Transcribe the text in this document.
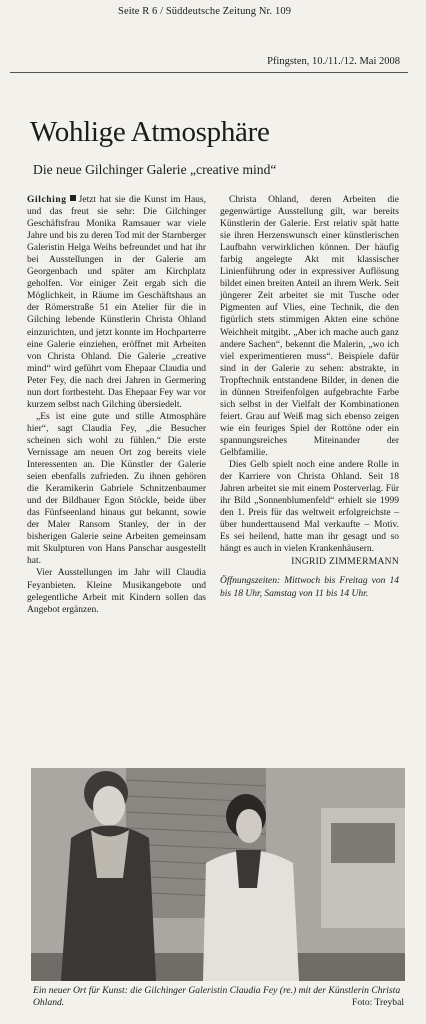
Seite R 6 / Süddeutsche Zeitung Nr. 109
Pfingsten, 10./11./12. Mai 2008
Wohlige Atmosphäre
Die neue Gilchinger Galerie „creative mind“

Gilching Jetzt hat sie die Kunst im Haus, und das freut sie sehr: Die Gilchinger Geschäftsfrau Monika Ramsauer war viele Jahre und bis zu deren Tod mit der Starnberger Galeristin Helga Weihs befreundet und hat ihr bei Ausstellungen in der Galerie am Georgenbach und später am Kirchplatz geholfen. Vor einiger Zeit ergab sich die Möglichkeit, in Räume im Geschäftshaus an der Römerstraße 51 ein Atelier für die in Gilching lebende Künstlerin Christa Ohland einzurichten, und jetzt konnte im Hochparterre eine Galerie einziehen, eröffnet mit Arbeiten von Christa Ohland. Die Galerie „creative mind“ wird geführt vom Ehepaar Claudia und Peter Fey, die nach drei Jahren in Germering nun dort fortbesteht. Das Ehepaar Fey war vor kurzem selbst nach Gilching übersiedelt.

„Es ist eine gute und stille Atmosphäre hier“, sagt Claudia Fey, „die Besucher scheinen sich wohl zu fühlen.“ Die erste Vernissage am neuen Ort zog bereits viele Interessenten an. Die Künstler der Galerie seien ebenfalls zufrieden. Zu ihnen gehören die Keramikerin Gabriele Schnitzenbaumer und der Bildhauer Egon Stöckle, beide über das Fünfseenland hinaus gut bekannt, sowie der Maler Ransom Stanley, der in der bisherigen Galerie seine Arbeiten gemeinsam mit Skulpturen von Hans Panschar ausgestellt hat.

Vier Ausstellungen im Jahr will Claudia Feyanbieten. Kleine Musikangebote und gelegentliche Arbeit mit Kindern sollen das Angebot ergänzen.

Christa Ohland, deren Arbeiten die gegenwärtige Ausstellung gilt, war bereits Künstlerin der Galerie. Erst relativ spät hatte sie ihren Herzenswunsch einer künstlerischen Laufbahn verwirklichen können. Der häufig farbig angelegte Akt mit klassischer Linienführung oder in expressiver Auflösung bildet einen breiten Anteil an ihrem Werk. Seit jüngerer Zeit arbeitet sie mit Tusche oder Pigmenten auf Vlies, eine Technik, die den figürlich stets stimmigen Akten eine schöne Weichheit mitgibt. „Aber ich mache auch ganz andere Sachen“, bekennt die Malerin, „wo ich viel experimentieren muss“. Beispiele dafür sind in der Galerie zu sehen: abstrakte, in Tropftechnik entstandene Bilder, in denen die in dünnen Streifenfolgen aufgebrachte Farbe sich selbst in der Vielfalt der Kombinationen feiert. Grau auf Weiß mag sich ebenso zeigen wie ein feuriges Spiel der Rottöne oder ein spannungsreiches Miteinander der Gelbfamilie.

Dies Gelb spielt noch eine andere Rolle in der Karriere von Christa Ohland. Seit 18 Jahren arbeitet sie mit einem Posterverlag. Für ihr Bild „Sonnenblumenfeld“ erhielt sie 1999 den 1. Preis für das weltweit erfolgreichste – über hunderttausend Mal verkaufte – Motiv. Es sei heilend, hatte man ihr gesagt und so hängt es auch in vielen Krankenhäusern.

INGRID ZIMMERMANN
Öffnungszeiten: Mittwoch bis Freitag von 14 bis 18 Uhr, Samstag von 11 bis 14 Uhr.
Ein neuer Ort für Kunst: die Gilchinger Galeristin Claudia Fey (re.) mit der Künstlerin Christa Ohland.	Foto: Treybal
